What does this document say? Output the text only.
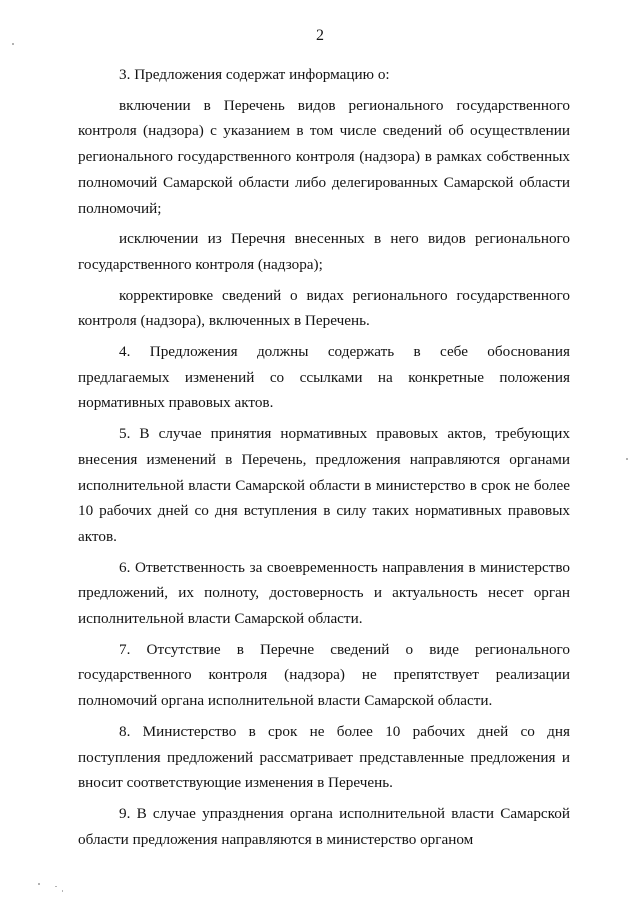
2

3. Предложения содержат информацию о:

включении в Перечень видов регионального государственного контроля (надзора) с указанием в том числе сведений об осуществлении регионального государственного контроля (надзора) в рамках собственных полномочий Самарской области либо делегированных Самарской области полномочий;

исключении из Перечня внесенных в него видов регионального государственного контроля (надзора);

корректировке сведений о видах регионального государственного контроля (надзора), включенных в Перечень.

4. Предложения должны содержать в себе обоснования предлагаемых изменений со ссылками на конкретные положения нормативных правовых актов.

5. В случае принятия нормативных правовых актов, требующих внесения изменений в Перечень, предложения направляются органами исполнительной власти Самарской области в министерство в срок не более 10 рабочих дней со дня вступления в силу таких нормативных правовых актов.

6. Ответственность за своевременность направления в министерство предложений, их полноту, достоверность и актуальность несет орган исполнительной власти Самарской области.

7. Отсутствие в Перечне сведений о виде регионального государственного контроля (надзора) не препятствует реализации полномочий органа исполнительной власти Самарской области.

8. Министерство в срок не более 10 рабочих дней со дня поступления предложений рассматривает представленные предложения и вносит соответствующие изменения в Перечень.

9. В случае упразднения органа исполнительной власти Самарской области предложения направляются в министерство органом
